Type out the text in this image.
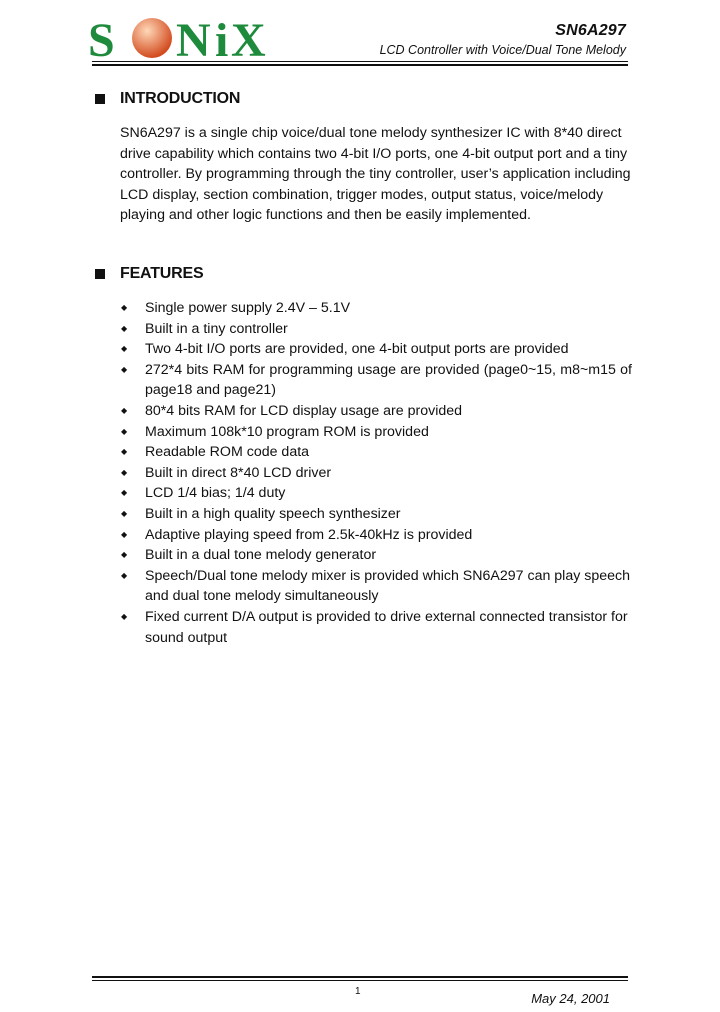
S N i X	SN6A297
LCD Controller with Voice/Dual Tone Melody
INTRODUCTION

SN6A297 is a single chip voice/dual tone melody synthesizer IC with 8*40 direct drive capability which contains two 4-bit I/O ports, one 4-bit output port and a tiny controller. By programming through the tiny controller, user’s application including LCD display, section combination, trigger modes, output status, voice/melody playing and other logic functions and then be easily implemented.

FEATURES
◆ Single power supply 2.4V – 5.1V
◆ Built in a tiny controller
◆ Two 4-bit I/O ports are provided, one 4-bit output ports are provided
◆ 272*4 bits RAM for programming usage are provided (page0~15, m8~m15 of page18 and page21)
◆ 80*4 bits RAM for LCD display usage are provided
◆ Maximum 108k*10 program ROM is provided
◆ Readable ROM code data
◆ Built in direct 8*40 LCD driver
◆ LCD 1/4 bias; 1/4 duty
◆ Built in a high quality speech synthesizer
◆ Adaptive playing speed from 2.5k-40kHz is provided
◆ Built in a dual tone melody generator
◆ Speech/Dual tone melody mixer is provided which SN6A297 can play speech and dual tone melody simultaneously
◆ Fixed current D/A output is provided to drive external connected transistor for sound output
1	May 24, 2001
